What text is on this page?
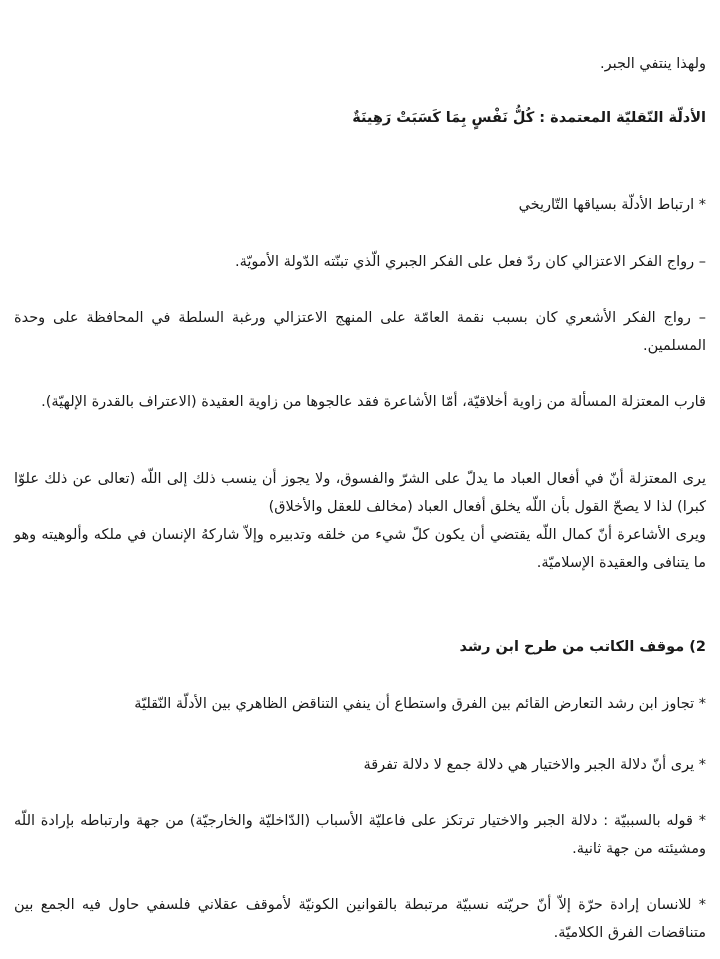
ولهذا ينتفي الجبر.

الأدلّة النّقليّة المعتمدة : كُلُّ نَفْسٍ بِمَا كَسَبَتْ رَهِينَةٌ

* ارتباط الأدلّة بسياقها التّاريخي

– رواج الفكر الاعتزالي كان ردّ فعل على الفكر الجبري الّذي تبنّته الدّولة الأمويّة.

– رواج الفكر الأشعري كان بسبب نقمة العامّة على المنهج الاعتزالي ورغبة السلطة في المحافظة على وحدة المسلمين.

قارب المعتزلة المسألة من زاوية أخلاقيّة، أمّا الأشاعرة فقد عالجوها من زاوية العقيدة (الاعتراف بالقدرة الإلهيّة).

يرى المعتزلة أنّ في أفعال العباد ما يدلّ على الشرّ والفسوق، ولا يجوز أن ينسب ذلك إلى اللّه (تعالى عن ذلك علوّا كبرا) لذا لا يصحّ القول بأن اللّه يخلق أفعال العباد (مخالف للعقل والأخلاق)

ويرى الأشاعرة أنّ كمال اللّه يقتضي أن يكون كلّ شيء من خلقه وتدبيره وإلاّ شاركهُ الإنسان في ملكه وألوهيته وهو ما يتنافى والعقيدة الإسلاميّة.

2) موقف الكاتب من طرح ابن رشد

* تجاوز ابن رشد التعارض القائم بين الفرق واستطاع أن ينفي التناقض الظاهري بين الأدلّة النّقليّة

* يرى أنّ دلالة الجبر والاختيار هي دلالة جمع لا دلالة تفرقة

* قوله بالسببيّة : دلالة الجبر والاختيار ترتكز على فاعليّة الأسباب (الدّاخليّة والخارجيّة) من جهة وارتباطه بإرادة اللّه ومشيئته من جهة ثانية.

* للانسان إرادة حرّة إلاّ أنّ حريّته نسبيّة مرتبطة بالقوانين الكونيّة لأموقف عقلاني فلسفي حاول فيه الجمع بين متناقضات الفرق الكلاميّة.
